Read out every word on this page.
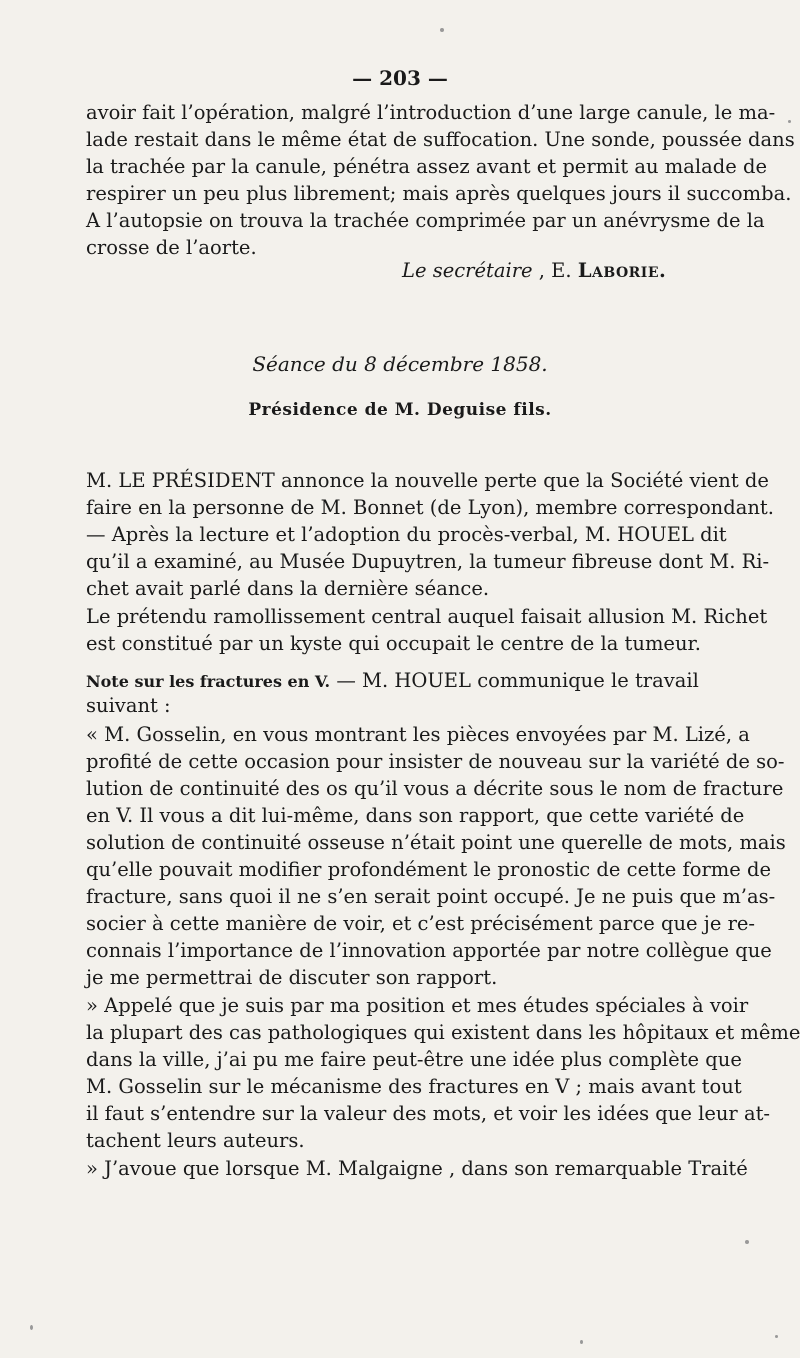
— 203 —
avoir fait l’opération, malgré l’introduction d’une large canule, le ma-
lade restait dans le même état de suffocation. Une sonde, poussée dans
la trachée par la canule, pénétra assez avant et permit au malade de
respirer un peu plus librement; mais après quelques jours il succomba.
A l’autopsie on trouva la trachée comprimée par un anévrysme de la
crosse de l’aorte.
Le secrétaire , E. Laborie.
Séance du 8 décembre 1858.
Présidence de M. Deguise fils.
M. LE PRÉSIDENT annonce la nouvelle perte que la Société vient de
faire en la personne de M. Bonnet (de Lyon), membre correspondant.
— Après la lecture et l’adoption du procès-verbal, M. HOUEL dit
qu’il a examiné, au Musée Dupuytren, la tumeur fibreuse dont M. Ri-
chet avait parlé dans la dernière séance.
Le prétendu ramollissement central auquel faisait allusion M. Richet
est constitué par un kyste qui occupait le centre de la tumeur.
Note sur les fractures en V. — M. HOUEL communique le travail
suivant :
« M. Gosselin, en vous montrant les pièces envoyées par M. Lizé, a
profité de cette occasion pour insister de nouveau sur la variété de so-
lution de continuité des os qu’il vous a décrite sous le nom de fracture
en V. Il vous a dit lui-même, dans son rapport, que cette variété de
solution de continuité osseuse n’était point une querelle de mots, mais
qu’elle pouvait modifier profondément le pronostic de cette forme de
fracture, sans quoi il ne s’en serait point occupé. Je ne puis que m’as-
socier à cette manière de voir, et c’est précisément parce que je re-
connais l’importance de l’innovation apportée par notre collègue que
je me permettrai de discuter son rapport.
» Appelé que je suis par ma position et mes études spéciales à voir
la plupart des cas pathologiques qui existent dans les hôpitaux et même
dans la ville, j’ai pu me faire peut-être une idée plus complète que
M. Gosselin sur le mécanisme des fractures en V ; mais avant tout
il faut s’entendre sur la valeur des mots, et voir les idées que leur at-
tachent leurs auteurs.
» J’avoue que lorsque M. Malgaigne , dans son remarquable Traité
